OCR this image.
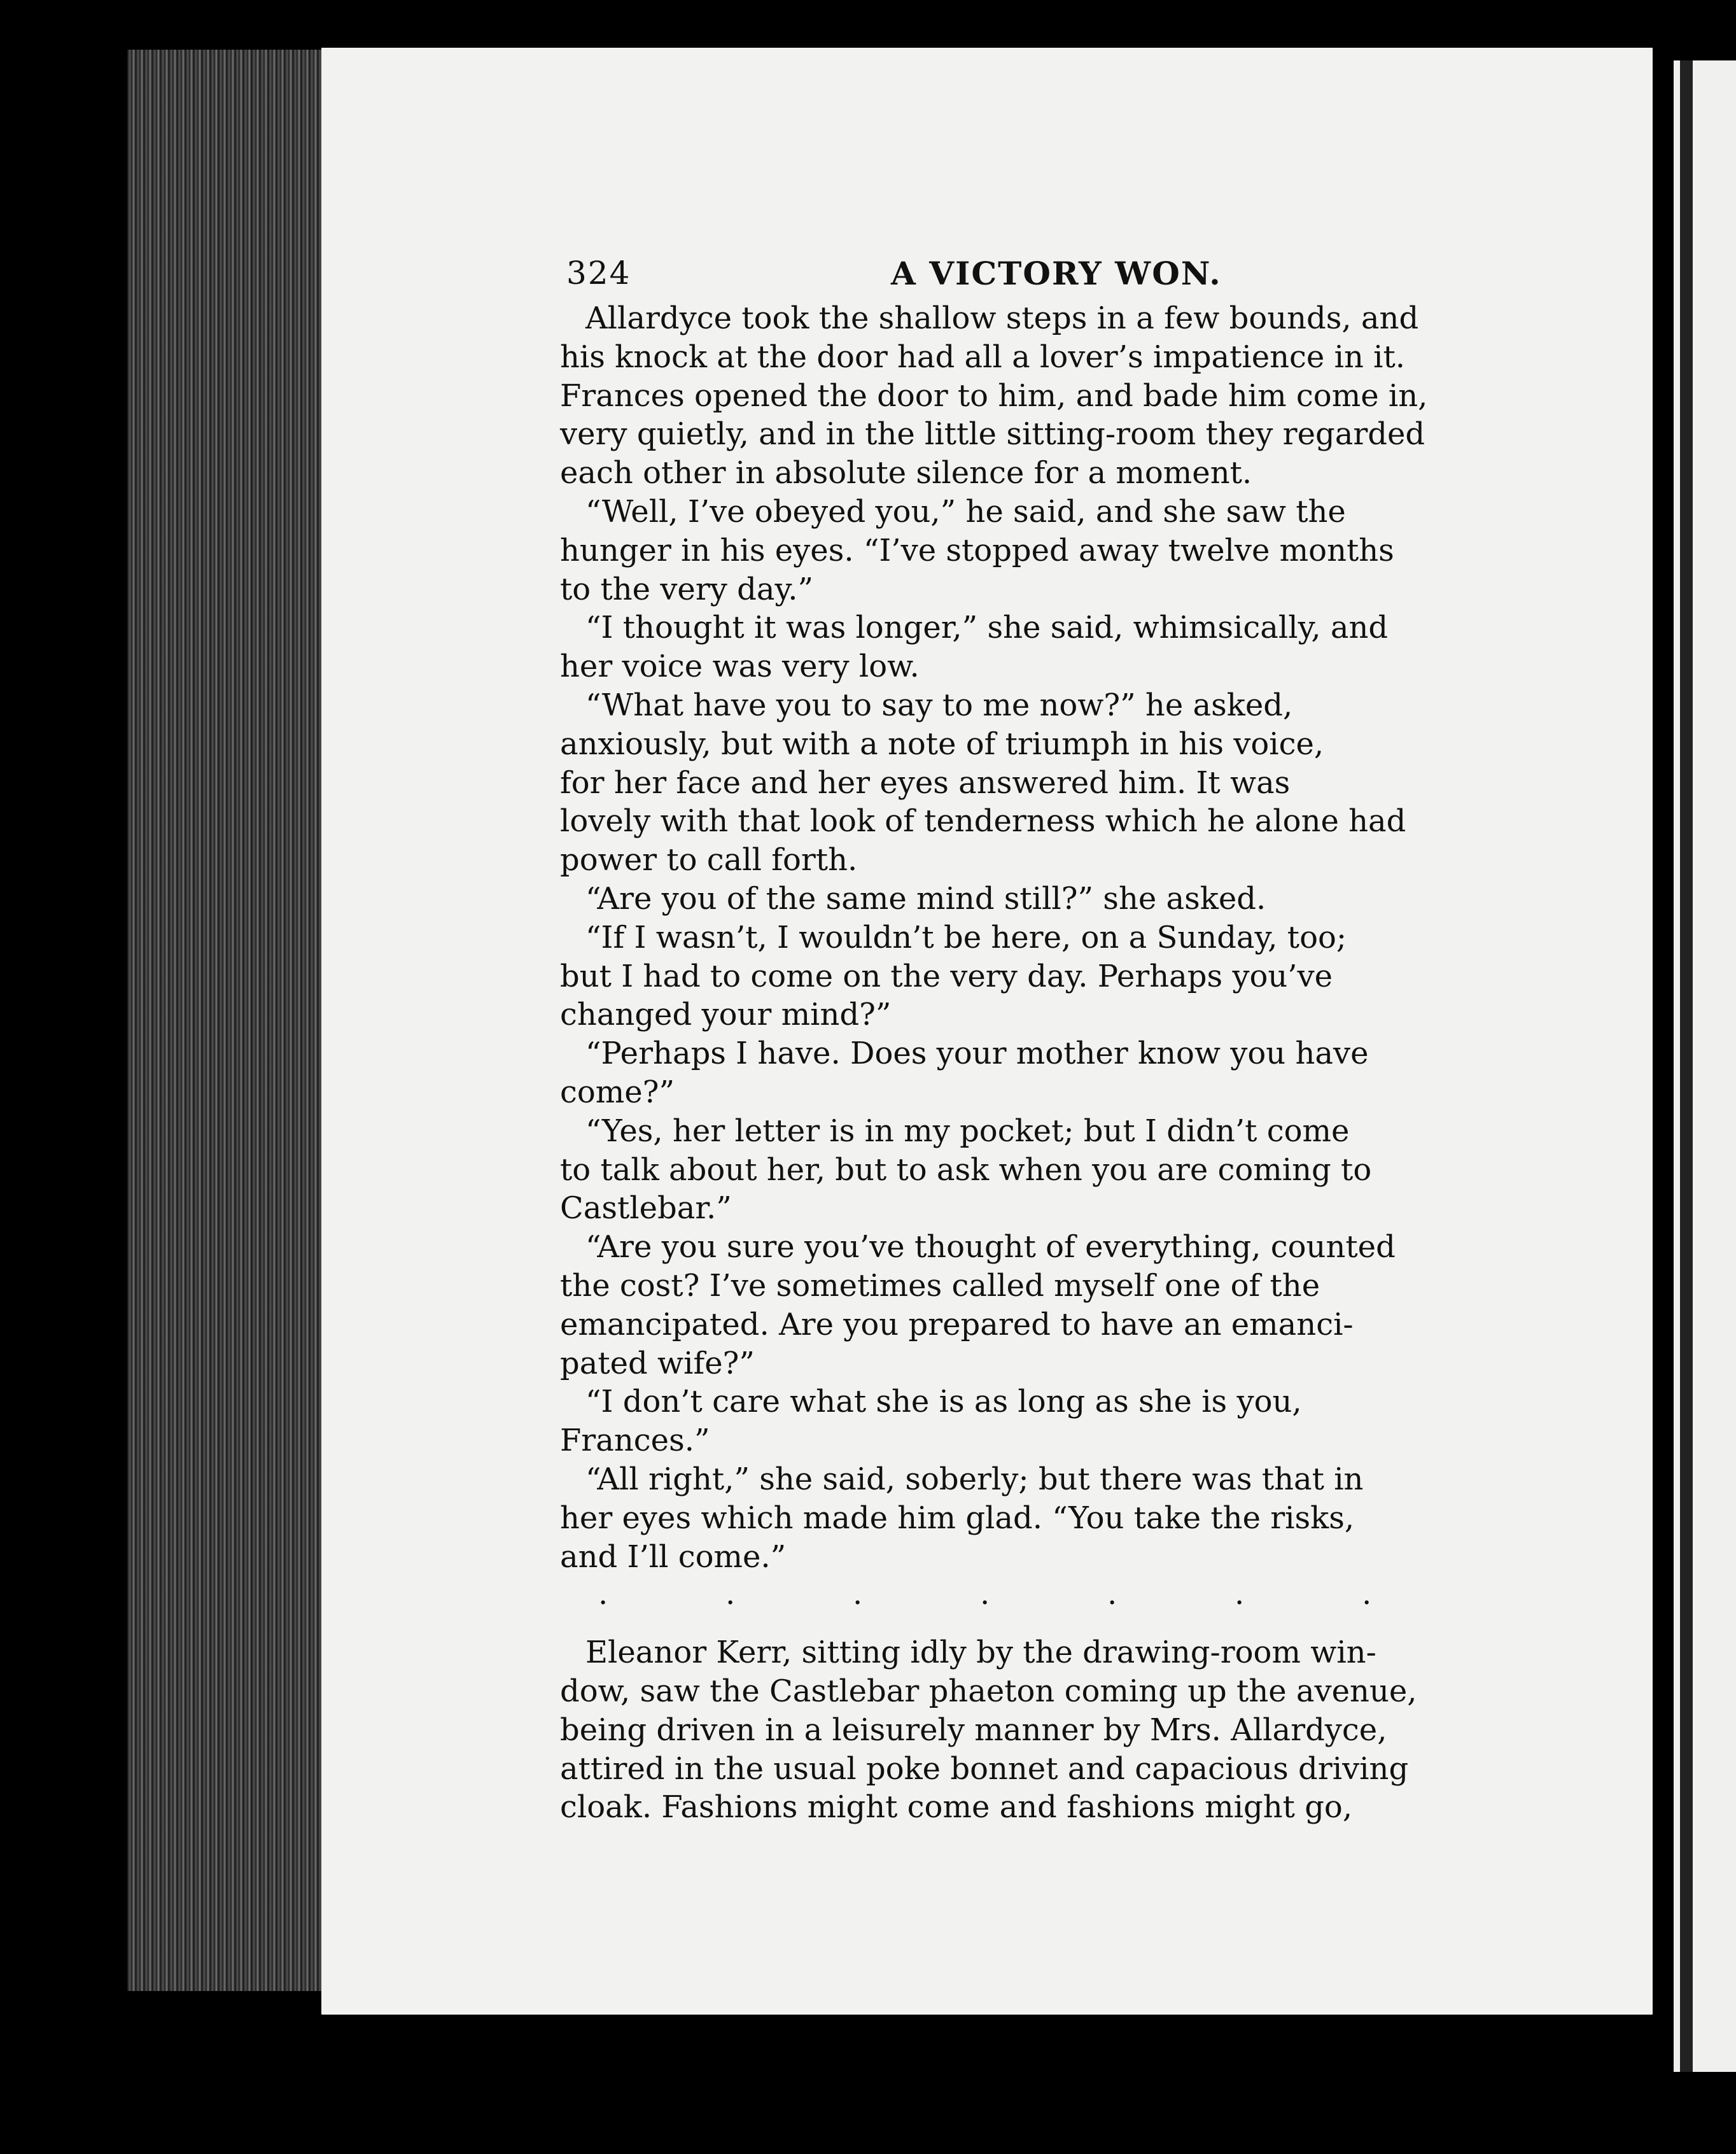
324	A VICTORY WON.

Allardyce took the shallow steps in a few bounds, and
his knock at the door had all a lover’s impatience in it.
Frances opened the door to him, and bade him come in,
very quietly, and in the little sitting-room they regarded
each other in absolute silence for a moment.

“Well, I’ve obeyed you,” he said, and she saw the
hunger in his eyes. “I’ve stopped away twelve months
to the very day.”

“I thought it was longer,” she said, whimsically, and
her voice was very low.

“What have you to say to me now?” he asked,
anxiously, but with a note of triumph in his voice,
for her face and her eyes answered him. It was
lovely with that look of tenderness which he alone had
power to call forth.

“Are you of the same mind still?” she asked.

“If I wasn’t, I wouldn’t be here, on a Sunday, too;
but I had to come on the very day. Perhaps you’ve
changed your mind?”

“Perhaps I have. Does your mother know you have
come?”

“Yes, her letter is in my pocket; but I didn’t come
to talk about her, but to ask when you are coming to
Castlebar.”

“Are you sure you’ve thought of everything, counted
the cost? I’ve sometimes called myself one of the
emancipated. Are you prepared to have an emanci-
pated wife?”

“I don’t care what she is as long as she is you,
Frances.”

“All right,” she said, soberly; but there was that in
her eyes which made him glad. “You take the risks,
and I’ll come.”

.	.	.	.	.	.	.

Eleanor Kerr, sitting idly by the drawing-room win-
dow, saw the Castlebar phaeton coming up the avenue,
being driven in a leisurely manner by Mrs. Allardyce,
attired in the usual poke bonnet and capacious driving
cloak. Fashions might come and fashions might go,
